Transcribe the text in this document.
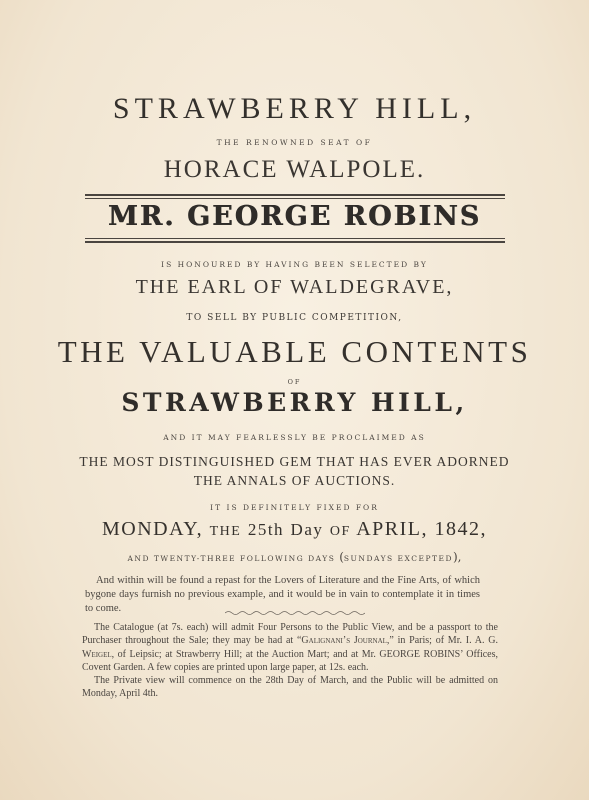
STRAWBERRY HILL,
THE RENOWNED SEAT OF
HORACE WALPOLE.
MR. GEORGE ROBINS
IS HONOURED BY HAVING BEEN SELECTED BY
THE EARL OF WALDEGRAVE,
TO SELL BY PUBLIC COMPETITION,
THE VALUABLE CONTENTS
OF
STRAWBERRY HILL,
AND IT MAY FEARLESSLY BE PROCLAIMED AS
THE MOST DISTINGUISHED GEM THAT HAS EVER ADORNED
THE ANNALS OF AUCTIONS.
IT IS DEFINITELY FIXED FOR
MONDAY, THE 25th Day OF APRIL, 1842,
AND TWENTY-THREE FOLLOWING DAYS (SUNDAYS EXCEPTED),
And within will be found a repast for the Lovers of Literature and the Fine Arts, of which bygone days furnish no previous example, and it would be in vain to contemplate it in times to come.
The Catalogue (at 7s. each) will admit Four Persons to the Public View, and be a passport to the Purchaser throughout the Sale; they may be had at “Galignani’s Journal,” in Paris; of Mr. I. A. G. Weigel, of Leipsic; at Strawberry Hill; at the Auction Mart; and at Mr. GEORGE ROBINS’ Offices, Covent Garden. A few copies are printed upon large paper, at 12s. each.
The Private view will commence on the 28th Day of March, and the Public will be admitted on Monday, April 4th.
